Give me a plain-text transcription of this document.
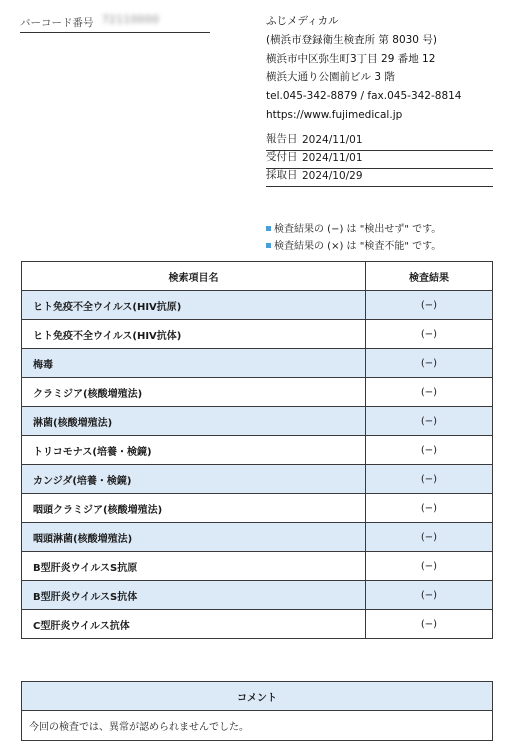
バーコード番号 72110000	ふじメディカル
(横浜市登録衛生検査所 第 8030 号)
横浜市中区弥生町3丁目 29 番地 12
横浜大通り公園前ビル 3 階
tel.045-342-8879 / fax.045-342-8814
https://www.fujimedical.jp
報告日 2024/11/01
受付日 2024/11/01
採取日 2024/10/29
検査結果の (−) は "検出せず" です。
検査結果の (×) は "検査不能" です。
検索項目名	検査結果
ヒト免疫不全ウイルス(HIV抗原)	(−)
ヒト免疫不全ウイルス(HIV抗体)	(−)
梅毒	(−)
クラミジア(核酸増殖法)	(−)
淋菌(核酸増殖法)	(−)
トリコモナス(培養・検鏡)	(−)
カンジダ(培養・検鏡)	(−)
咽頭クラミジア(核酸増殖法)	(−)
咽頭淋菌(核酸増殖法)	(−)
B型肝炎ウイルスS抗原	(−)
B型肝炎ウイルスS抗体	(−)
C型肝炎ウイルス抗体	(−)
コメント
今回の検査では、異常が認められませんでした。
